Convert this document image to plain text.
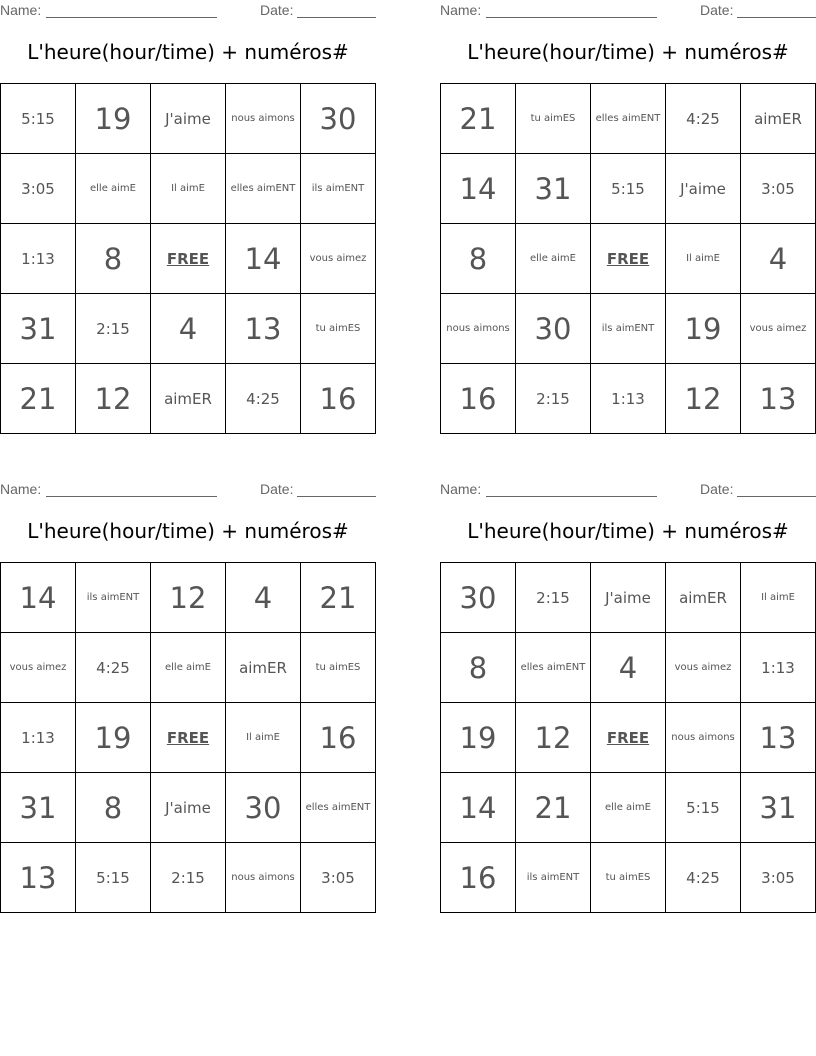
Name:	Date:
L'heure(hour/time) + numéros#
5:15	19	J'aime	nous aimons	30
3:05	elle aimE	Il aimE	elles aimENT	ils aimENT
1:13	8	FREE	14	vous aimez
31	2:15	4	13	tu aimES
21	12	aimER	4:25	16
Name:	Date:
L'heure(hour/time) + numéros#
21	tu aimES	elles aimENT	4:25	aimER
14	31	5:15	J'aime	3:05
8	elle aimE	FREE	Il aimE	4
nous aimons	30	ils aimENT	19	vous aimez
16	2:15	1:13	12	13
Name:	Date:
L'heure(hour/time) + numéros#
14	ils aimENT	12	4	21
vous aimez	4:25	elle aimE	aimER	tu aimES
1:13	19	FREE	Il aimE	16
31	8	J'aime	30	elles aimENT
13	5:15	2:15	nous aimons	3:05
Name:	Date:
L'heure(hour/time) + numéros#
30	2:15	J'aime	aimER	Il aimE
8	elles aimENT	4	vous aimez	1:13
19	12	FREE	nous aimons	13
14	21	elle aimE	5:15	31
16	ils aimENT	tu aimES	4:25	3:05
